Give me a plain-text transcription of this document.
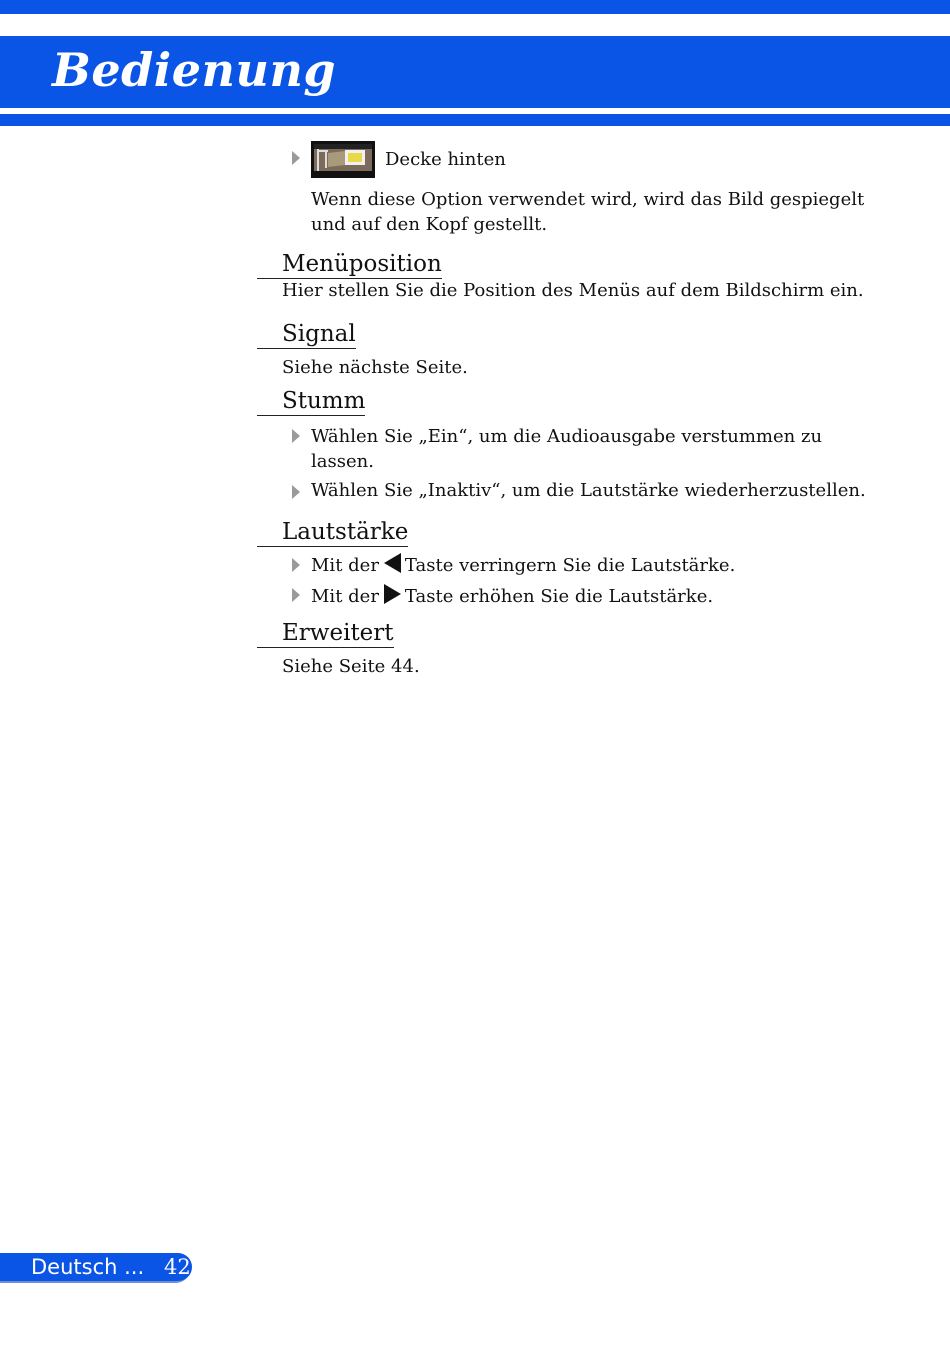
Bedienung
Decke hinten
Wenn diese Option verwendet wird, wird das Bild gespiegelt und auf den Kopf gestellt.
Menüposition
Hier stellen Sie die Position des Menüs auf dem Bildschirm ein.
Signal
Siehe nächste Seite.
Stumm
Wählen Sie „Ein“, um die Audioausgabe verstummen zu lassen.
Wählen Sie „Inaktiv“, um die Lautstärke wiederherzustellen.
Lautstärke
Mit der Taste verringern Sie die Lautstärke.
Mit der Taste erhöhen Sie die Lautstärke.
Erweitert
Siehe Seite 44.
Deutsch ... 42
